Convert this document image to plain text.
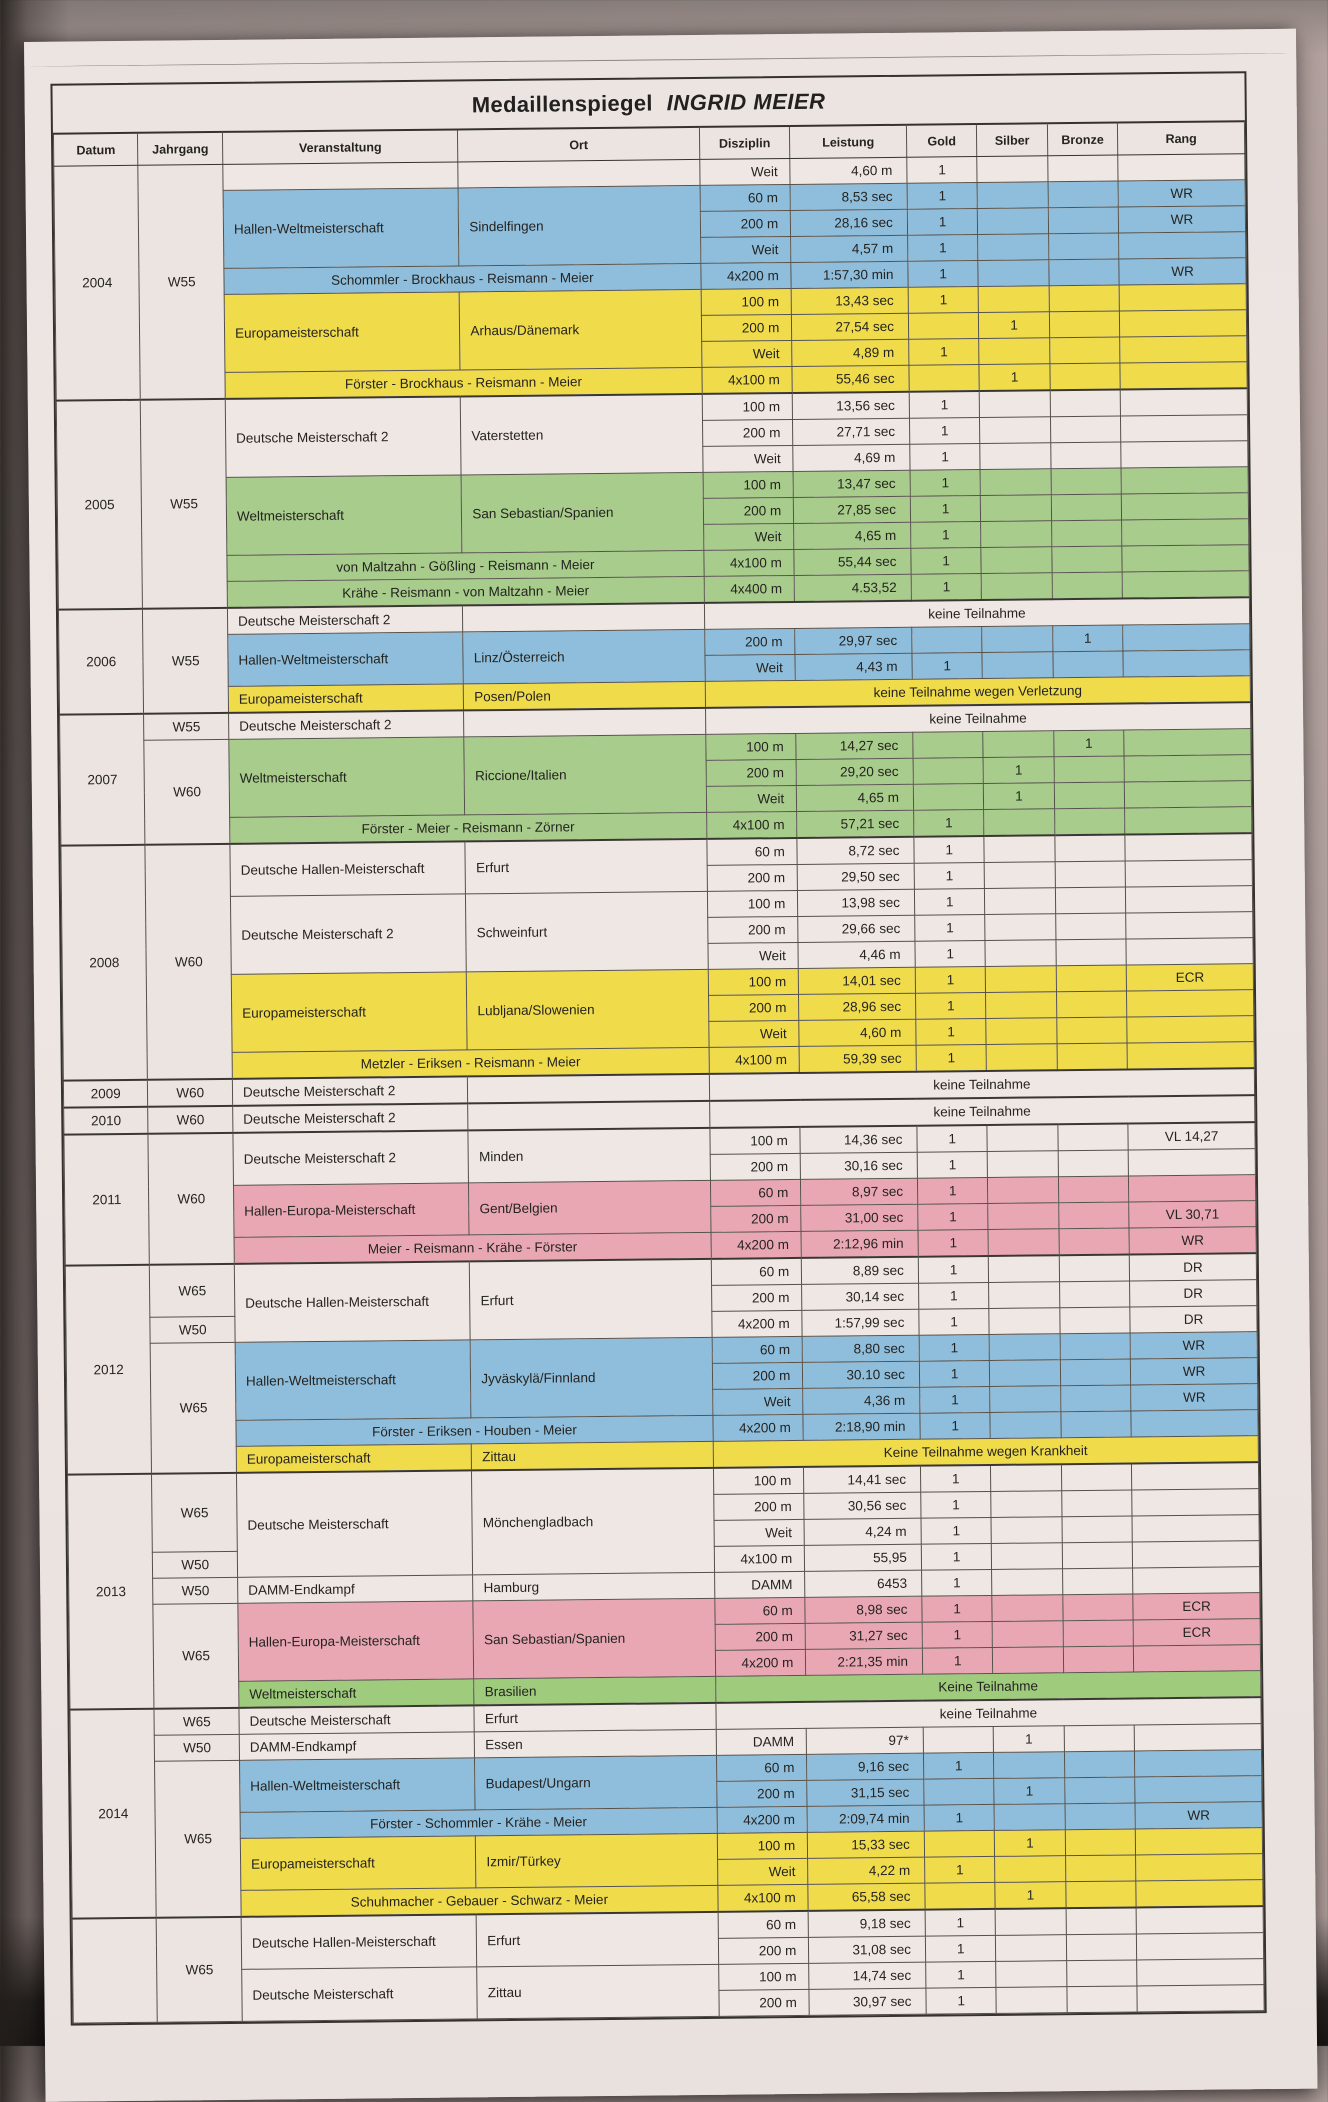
Medaillenspiegel INGRID MEIER
Datum	Jahrgang	Veranstaltung	Ort	Disziplin	Leistung	Gold	Silber	Bronze	Rang
2004	W55			Weit	4,60 m	1			
		Hallen-Weltmeisterschaft	Sindelfingen	60 m	8,53 sec	1			WR
				200 m	28,16 sec	1			WR
				Weit	4,57 m	1			
		Schommler - Brockhaus - Reismann - Meier		4x200 m	1:57,30 min	1			WR
		Europameisterschaft	Arhaus/Dänemark	100 m	13,43 sec	1			
				200 m	27,54 sec		1		
				Weit	4,89 m	1			
		Förster - Brockhaus - Reismann - Meier		4x100 m	55,46 sec		1		
2005	W55	Deutsche Meisterschaft 2	Vaterstetten	100 m	13,56 sec	1			
				200 m	27,71 sec	1			
				Weit	4,69 m	1			
		Weltmeisterschaft	San Sebastian/Spanien	100 m	13,47 sec	1			
				200 m	27,85 sec	1			
				Weit	4,65 m	1			
		von Maltzahn - Gößling - Reismann - Meier		4x100 m	55,44 sec	1			
		Krähe - Reismann - von Maltzahn - Meier		4x400 m	4.53,52	1			
2006	W55	Deutsche Meisterschaft 2		keine Teilnahme					
		Hallen-Weltmeisterschaft	Linz/Österreich	200 m	29,97 sec			1	
				Weit	4,43 m	1			
		Europameisterschaft	Posen/Polen	keine Teilnahme wegen Verletzung					
2007	W55	Deutsche Meisterschaft 2		keine Teilnahme					
	W60	Weltmeisterschaft	Riccione/Italien	100 m	14,27 sec			1	
				200 m	29,20 sec		1		
				Weit	4,65 m		1		
		Förster - Meier - Reismann - Zörner		4x100 m	57,21 sec	1			
2008	W60	Deutsche Hallen-Meisterschaft	Erfurt	60 m	8,72 sec	1			
				200 m	29,50 sec	1			
		Deutsche Meisterschaft 2	Schweinfurt	100 m	13,98 sec	1			
				200 m	29,66 sec	1			
				Weit	4,46 m	1			
		Europameisterschaft	Lubljana/Slowenien	100 m	14,01 sec	1			ECR
				200 m	28,96 sec	1			
				Weit	4,60 m	1			
		Metzler - Eriksen - Reismann - Meier		4x100 m	59,39 sec	1			
2009	W60	Deutsche Meisterschaft 2		keine Teilnahme					
2010	W60	Deutsche Meisterschaft 2		keine Teilnahme					
2011	W60	Deutsche Meisterschaft 2	Minden	100 m	14,36 sec	1			VL 14,27
				200 m	30,16 sec	1			
		Hallen-Europa-Meisterschaft	Gent/Belgien	60 m	8,97 sec	1			
				200 m	31,00 sec	1			VL 30,71
		Meier - Reismann - Krähe - Förster		4x200 m	2:12,96 min	1			WR
2012	W65	Deutsche Hallen-Meisterschaft	Erfurt	60 m	8,89 sec	1			DR
				200 m	30,14 sec	1			DR
	W50			4x200 m	1:57,99 sec	1			DR
	W65	Hallen-Weltmeisterschaft	Jyväskylä/Finnland	60 m	8,80 sec	1			WR
				200 m	30.10 sec	1			WR
				Weit	4,36 m	1			WR
		Förster - Eriksen - Houben - Meier		4x200 m	2:18,90 min	1			
		Europameisterschaft	Zittau	Keine Teilnahme wegen Krankheit					
2013	W65	Deutsche Meisterschaft	Mönchengladbach	100 m	14,41 sec	1			
				200 m	30,56 sec	1			
				Weit	4,24 m	1			
	W50			4x100 m	55,95	1			
	W50	DAMM-Endkampf	Hamburg	DAMM	6453	1			
	W65	Hallen-Europa-Meisterschaft	San Sebastian/Spanien	60 m	8,98 sec	1			ECR
				200 m	31,27 sec	1			ECR
				4x200 m	2:21,35 min	1			
		Weltmeisterschaft	Brasilien	Keine Teilnahme					
2014	W65	Deutsche Meisterschaft	Erfurt	keine Teilnahme					
	W50	DAMM-Endkampf	Essen	DAMM	97*		1		
	W65	Hallen-Weltmeisterschaft	Budapest/Ungarn	60 m	9,16 sec	1			
				200 m	31,15 sec		1		
		Förster - Schommler - Krähe - Meier		4x200 m	2:09,74 min	1			WR
		Europameisterschaft	Izmir/Türkey	100 m	15,33 sec		1		
				Weit	4,22 m	1			
		Schuhmacher - Gebauer - Schwarz - Meier		4x100 m	65,58 sec		1		
	W65	Deutsche Hallen-Meisterschaft	Erfurt	60 m	9,18 sec	1			
				200 m	31,08 sec	1			
		Deutsche Meisterschaft	Zittau	100 m	14,74 sec	1			
				200 m	30,97 sec	1			
